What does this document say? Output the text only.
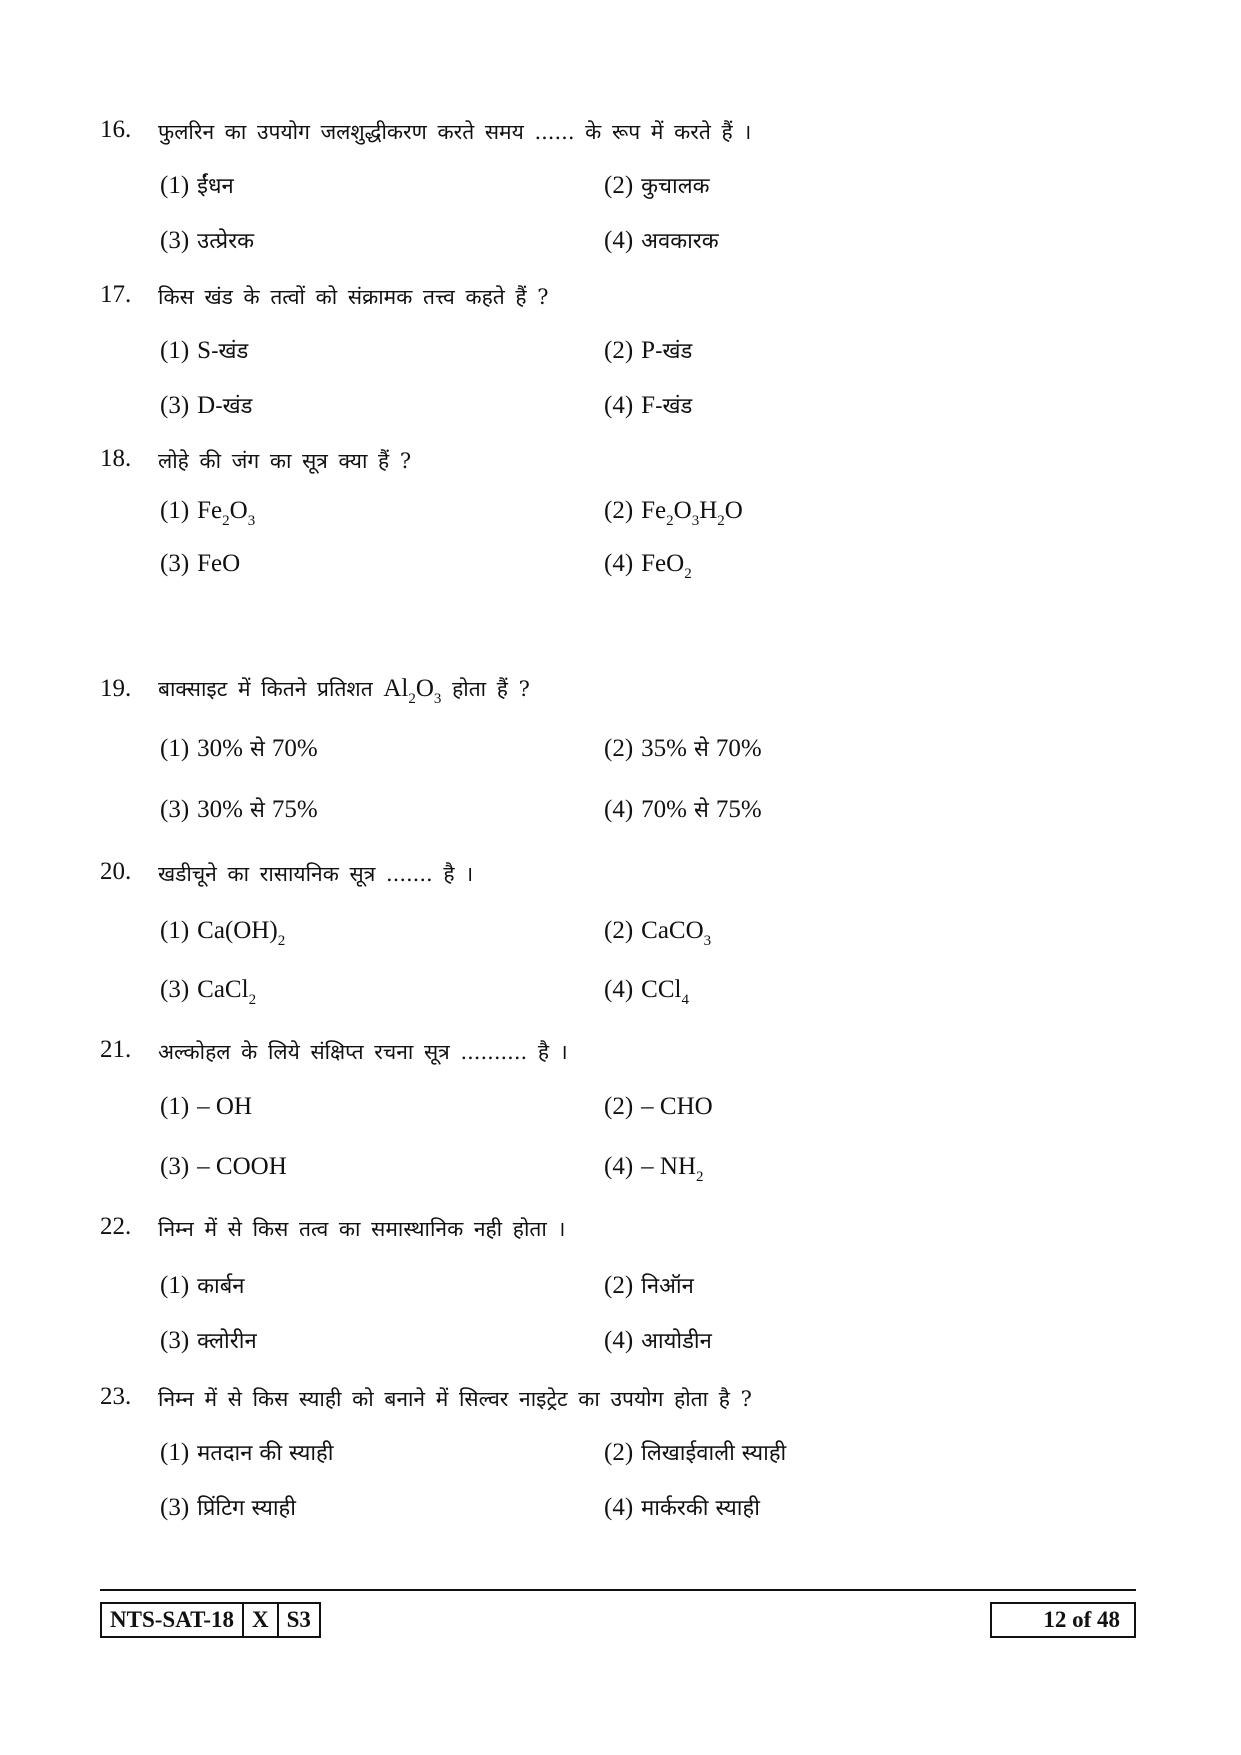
16. फुलरिन का उपयोग जलशुद्धीकरण करते समय ...... के रूप में करते हैं ।
(1) ईंधन	(2) कुचालक
(3) उत्प्रेरक	(4) अवकारक
17. किस खंड के तत्वों को संक्रामक तत्त्व कहते हैं ?
(1) S-खंड	(2) P-खंड
(3) D-खंड	(4) F-खंड
18. लोहे की जंग का सूत्र क्या हैं ?
(1) $Fe_2O_3$	(2) $Fe_2O_3H_2O$
(3) FeO	(4) FeO$_2$
19. बाक्साइट में कितने प्रतिशत $Al_2O_3$ होता हैं ?
(1) 30% से 70%	(2) 35% से 70%
(3) 30% से 75%	(4) 70% से 75%
20. खडीचूने का रासायनिक सूत्र ....... है ।
(1) $Ca(OH)_2$	(2) CaCO$_3$
(3) CaCl$_2$	(4) CCl$_4$
21. अल्कोहल के लिये संक्षिप्त रचना सूत्र .......... है ।
(1) – OH	(2) – CHO
(3) – COOH	$(4) - NH_2$
22. निम्न में से किस तत्व का समास्थानिक नही होता ।
(1) कार्बन	(2) निऑन
(3) क्लोरीन	(4) आयोडीन
23. निम्न में से किस स्याही को बनाने में सिल्वर नाइट्रेट का उपयोग होता है ?
(1) मतदान की स्याही	(2) लिखाईवाली स्याही
(3) प्रिंटिग स्याही	(4) मार्करकी स्याही
NTS-SAT-18 X S3	12 of 48
